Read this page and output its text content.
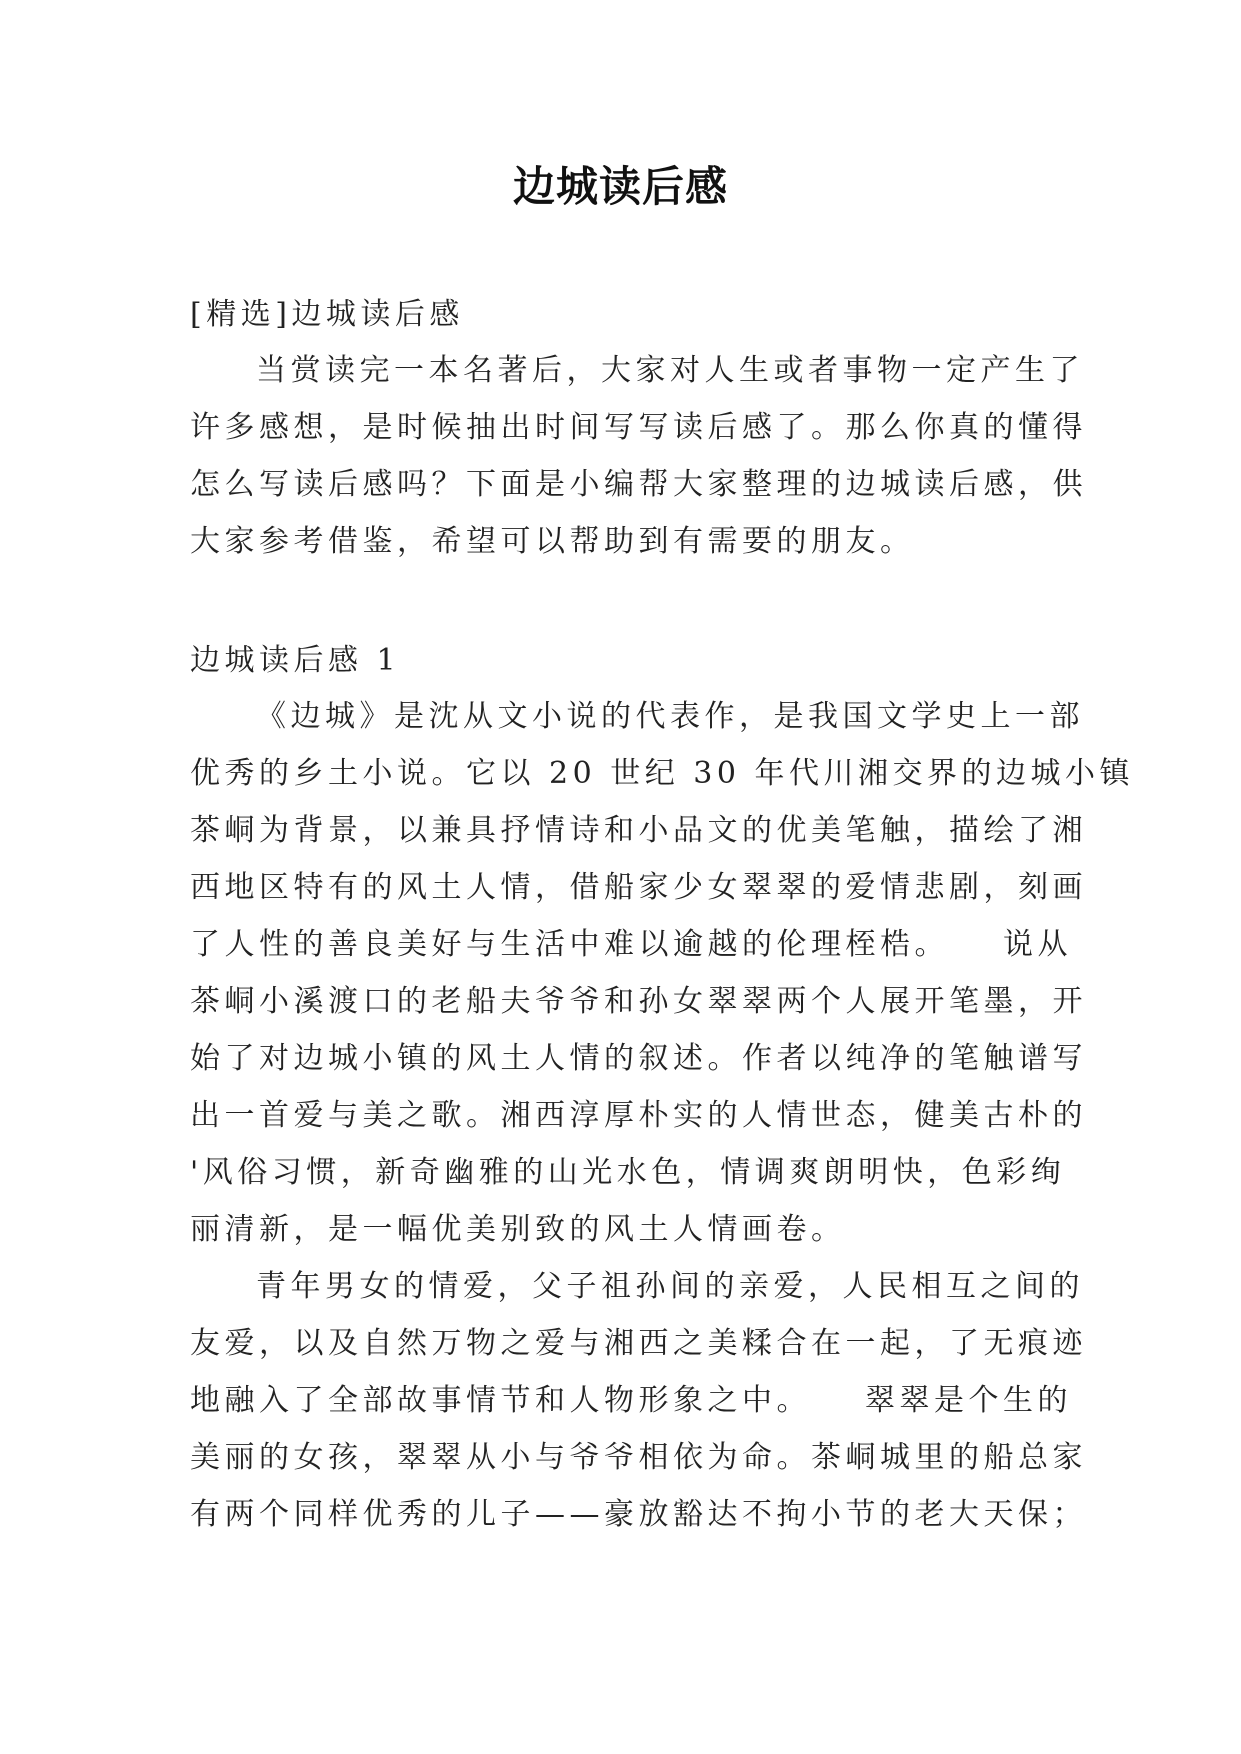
边城读后感
[精选]边城读后感
当赏读完一本名著后，大家对人生或者事物一定产生了
许多感想，是时候抽出时间写写读后感了。那么你真的懂得
怎么写读后感吗？下面是小编帮大家整理的边城读后感，供
大家参考借鉴，希望可以帮助到有需要的朋友。
边城读后感 1
《边城》是沈从文小说的代表作，是我国文学史上一部
优秀的乡土小说。它以 20 世纪 30 年代川湘交界的边城小镇
茶峒为背景，以兼具抒情诗和小品文的优美笔触，描绘了湘
西地区特有的风土人情，借船家少女翠翠的爱情悲剧，刻画
了人性的善良美好与生活中难以逾越的伦理桎梏。　　说从
茶峒小溪渡口的老船夫爷爷和孙女翠翠两个人展开笔墨，开
始了对边城小镇的风土人情的叙述。作者以纯净的笔触谱写
出一首爱与美之歌。湘西淳厚朴实的人情世态，健美古朴的
'风俗习惯，新奇幽雅的山光水色，情调爽朗明快，色彩绚
丽清新，是一幅优美别致的风土人情画卷。
青年男女的情爱，父子祖孙间的亲爱，人民相互之间的
友爱，以及自然万物之爱与湘西之美糅合在一起，了无痕迹
地融入了全部故事情节和人物形象之中。　　翠翠是个生的
美丽的女孩，翠翠从小与爷爷相依为命。茶峒城里的船总家
有两个同样优秀的儿子——豪放豁达不拘小节的老大天保；
